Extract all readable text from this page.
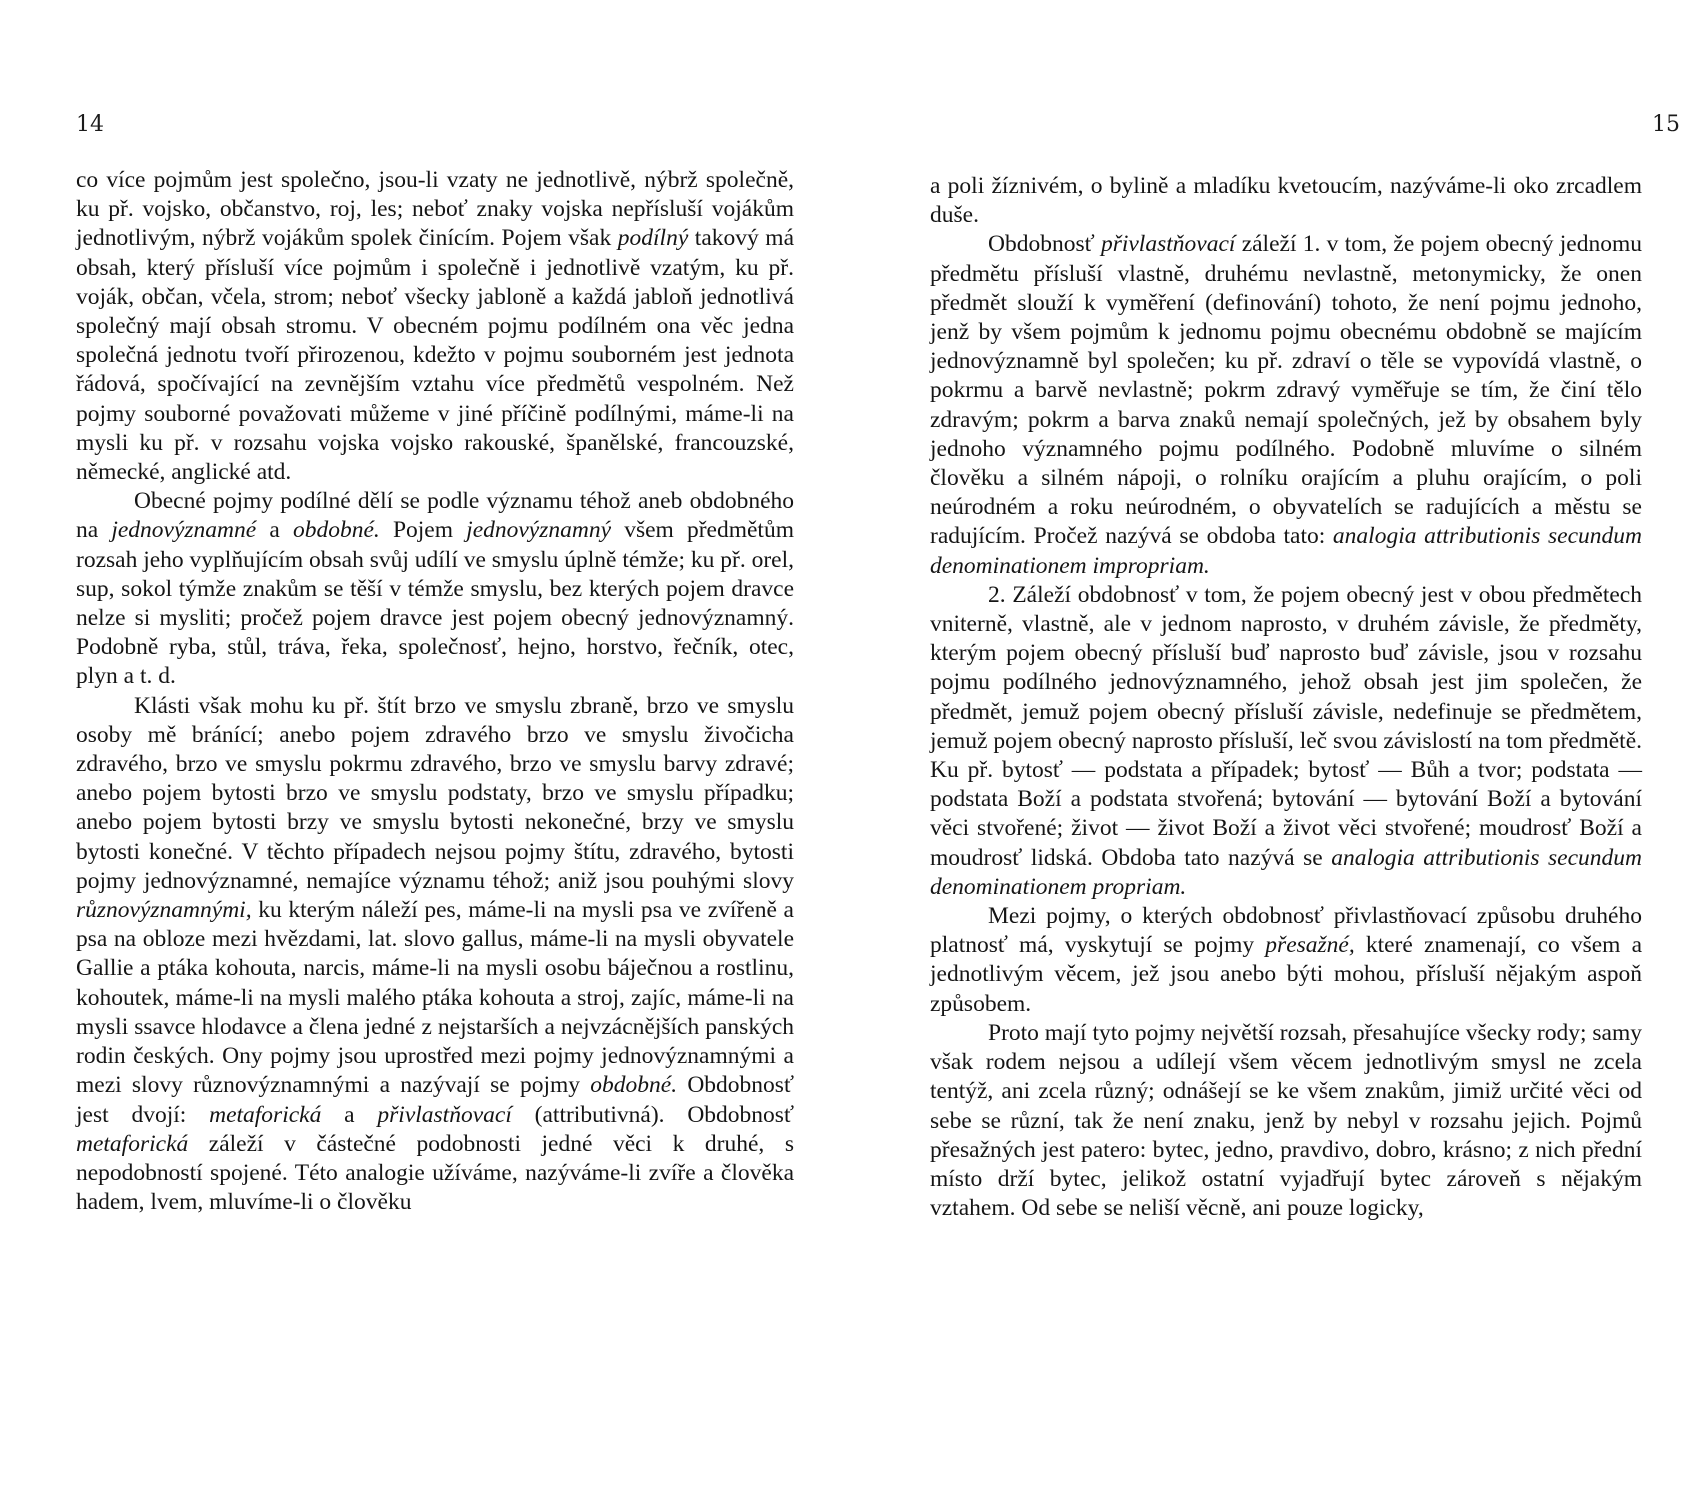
14

co více pojmům jest společno, jsou-li vzaty ne jednotlivě, nýbrž společně, ku př. vojsko, občanstvo, roj, les; neboť znaky vojska nepřísluší vojákům jednotlivým, nýbrž vojákům spolek činícím. Pojem však podílný takový má obsah, který přísluší více pojmům i společně i jednotlivě vzatým, ku př. voják, občan, včela, strom; neboť všecky jabloně a každá jabloň jednotlivá společný mají obsah stromu. V obecném pojmu podílném ona věc jedna společná jednotu tvoří přirozenou, kdežto v pojmu souborném jest jednota řádová, spočívající na zevnějším vztahu více předmětů vespolném. Než pojmy souborné považovati můžeme v jiné příčině podílnými, máme-li na mysli ku př. v rozsahu vojska vojsko rakouské, španělské, francouzské, německé, anglické atd.

Obecné pojmy podílné dělí se podle významu téhož aneb obdobného na jednovýznamné a obdobné. Pojem jednovýznamný všem předmětům rozsah jeho vyplňujícím obsah svůj udílí ve smyslu úplně témže; ku př. orel, sup, sokol týmže znakům se těší v témže smyslu, bez kterých pojem dravce nelze si mysliti; pročež pojem dravce jest pojem obecný jednovýznamný. Podobně ryba, stůl, tráva, řeka, společnosť, hejno, horstvo, řečník, otec, plyn a t. d.

Klásti však mohu ku př. štít brzo ve smyslu zbraně, brzo ve smyslu osoby mě bránící; anebo pojem zdravého brzo ve smyslu živočicha zdravého, brzo ve smyslu pokrmu zdravého, brzo ve smyslu barvy zdravé; anebo pojem bytosti brzo ve smyslu podstaty, brzo ve smyslu případku; anebo pojem bytosti brzy ve smyslu bytosti nekonečné, brzy ve smyslu bytosti konečné. V těchto případech nejsou pojmy štítu, zdravého, bytosti pojmy jednovýznamné, nemajíce významu téhož; aniž jsou pouhými slovy různovýznamnými, ku kterým náleží pes, máme-li na mysli psa ve zvířeně a psa na obloze mezi hvězdami, lat. slovo gallus, máme-li na mysli obyvatele Gallie a ptáka kohouta, narcis, máme-li na mysli osobu báječnou a rostlinu, kohoutek, máme-li na mysli malého ptáka kohouta a stroj, zajíc, máme-li na mysli ssavce hlodavce a člena jedné z nejstarších a nejvzácnějších panských rodin českých. Ony pojmy jsou uprostřed mezi pojmy jednovýznamnými a mezi slovy různovýznamnými a nazývají se pojmy obdobné. Obdobnosť jest dvojí: metaforická a přivlastňovací (attributivná). Obdobnosť metaforická záleží v částečné podobnosti jedné věci k druhé, s nepodobností spojené. Této analogie užíváme, nazýváme-li zvíře a člověka hadem, lvem, mluvíme-li o člověku

15

a poli žíznivém, o bylině a mladíku kvetoucím, nazýváme-li oko zrcadlem duše.

Obdobnosť přivlastňovací záleží 1. v tom, že pojem obecný jednomu předmětu přísluší vlastně, druhému nevlastně, metonymicky, že onen předmět slouží k vyměření (definování) tohoto, že není pojmu jednoho, jenž by všem pojmům k jednomu pojmu obecnému obdobně se majícím jednovýznamně byl společen; ku př. zdraví o těle se vypovídá vlastně, o pokrmu a barvě nevlastně; pokrm zdravý vyměřuje se tím, že činí tělo zdravým; pokrm a barva znaků nemají společných, jež by obsahem byly jednoho významného pojmu podílného. Podobně mluvíme o silném člověku a silném nápoji, o rolníku orajícím a pluhu orajícím, o poli neúrodném a roku neúrodném, o obyvatelích se radujících a městu se radujícím. Pročež nazývá se obdoba tato: analogia attributionis secundum denominationem impropriam.

2. Záleží obdobnosť v tom, že pojem obecný jest v obou předmětech vniterně, vlastně, ale v jednom naprosto, v druhém závisle, že předměty, kterým pojem obecný přísluší buď naprosto buď závisle, jsou v rozsahu pojmu podílného jednovýznamného, jehož obsah jest jim společen, že předmět, jemuž pojem obecný přísluší závisle, nedefinuje se předmětem, jemuž pojem obecný naprosto přísluší, leč svou závislostí na tom předmětě. Ku př. bytosť — podstata a případek; bytosť — Bůh a tvor; podstata — podstata Boží a podstata stvořená; bytování — bytování Boží a bytování věci stvořené; život — život Boží a život věci stvořené; moudrosť Boží a moudrosť lidská. Obdoba tato nazývá se analogia attributionis secundum denominationem propriam.

Mezi pojmy, o kterých obdobnosť přivlastňovací způsobu druhého platnosť má, vyskytují se pojmy přesažné, které znamenají, co všem a jednotlivým věcem, jež jsou anebo býti mohou, přísluší nějakým aspoň způsobem.

Proto mají tyto pojmy největší rozsah, přesahujíce všecky rody; samy však rodem nejsou a udílejí všem věcem jednotlivým smysl ne zcela tentýž, ani zcela různý; odnášejí se ke všem znakům, jimiž určité věci od sebe se různí, tak že není znaku, jenž by nebyl v rozsahu jejich. Pojmů přesažných jest patero: bytec, jedno, pravdivo, dobro, krásno; z nich přední místo drží bytec, jelikož ostatní vyjadřují bytec zároveň s nějakým vztahem. Od sebe se neliší věcně, ani pouze logicky,
